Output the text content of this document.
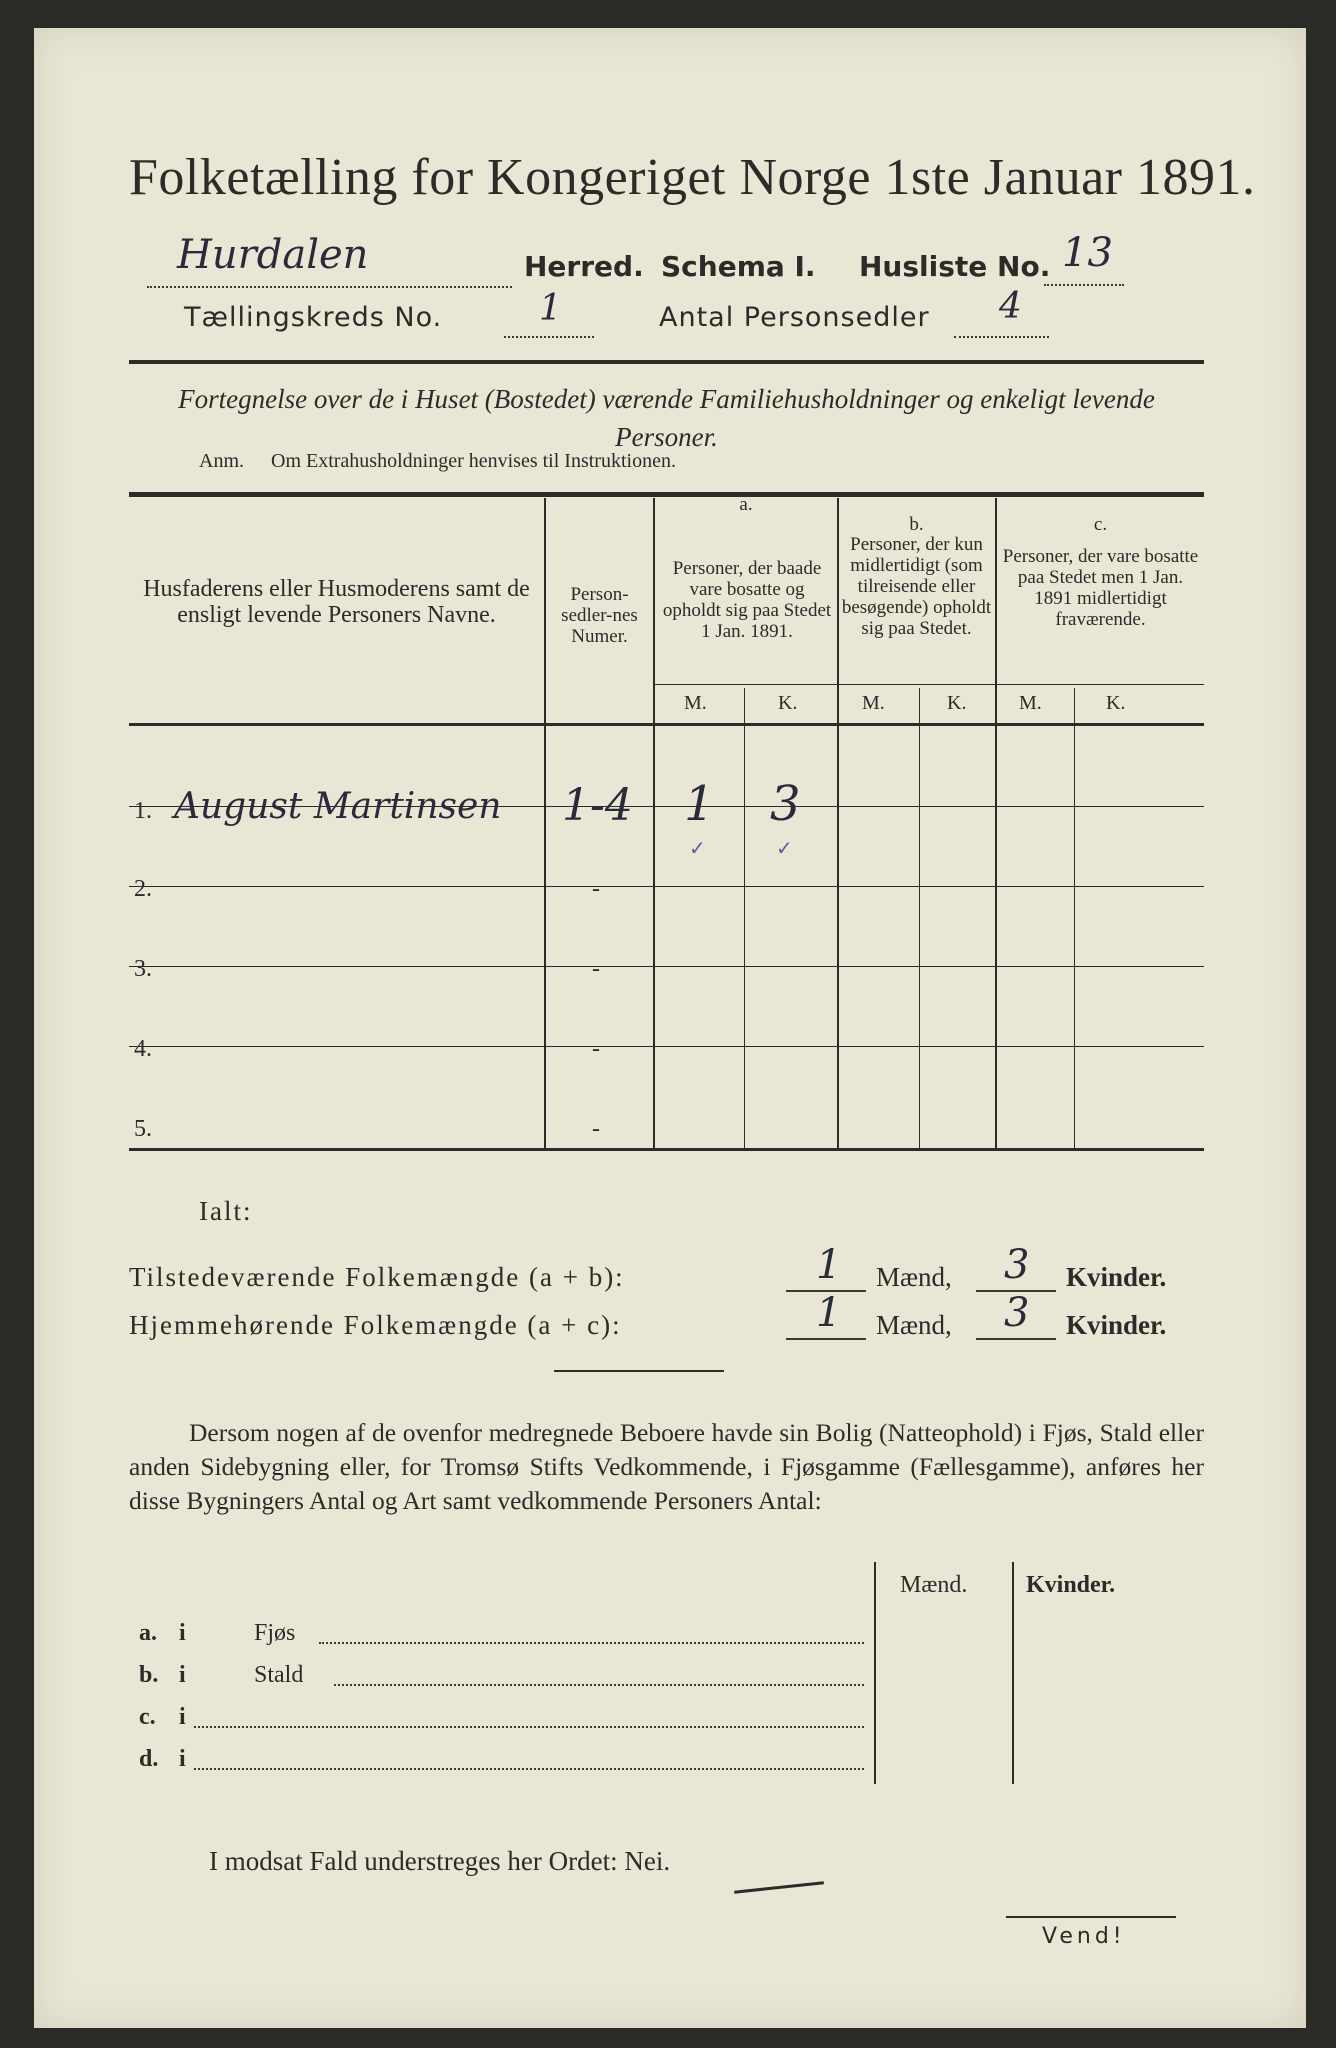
Folketælling for Kongeriget Norge 1ste Januar 1891.
Hurdalen	Herred. Schema I. Husliste No. 13
Tællingskreds No.	1	Antal Personsedler 4
Fortegnelse over de i Huset (Bostedet) værende Familiehusholdninger og enkeligt levende Personer.
Anm. Om Extrahusholdninger henvises til Instruktionen.
Husfaderens eller Husmoderens samt de ensligt levende Personers Navne.
Person-sedler-nes Numer.
a.
Personer, der baade vare bosatte og opholdt sig paa Stedet 1 Jan. 1891.
b.
Personer, der kun midlertidigt (som tilreisende eller besøgende) opholdt sig paa Stedet.
c.
Personer, der vare bosatte paa Stedet men 1 Jan. 1891 midlertidigt fraværende.
M.	K.	M.	K.	M.	K.
1. August Martinsen 1-4 1 3
✓	✓
2.	-
3.	-
4.	-
5.	-
Ialt:
Tilstedeværende Folkemængde (a + b):	1 Mænd, 3 Kvinder.
Hjemmehørende Folkemængde (a + c):	1 Mænd, 3 Kvinder.
Dersom nogen af de ovenfor medregnede Beboere havde sin Bolig (Natteophold) i Fjøs, Stald eller anden Sidebygning eller, for Tromsø Stifts Vedkommende, i Fjøsgamme (Fællesgamme), anføres her disse Bygningers Antal og Art samt vedkommende Personers Antal:
Mænd. Kvinder.
a. i	Fjøs
b. i	Stald
c. i
d. i
I modsat Fald understreges her Ordet: Nei.
Vend!
